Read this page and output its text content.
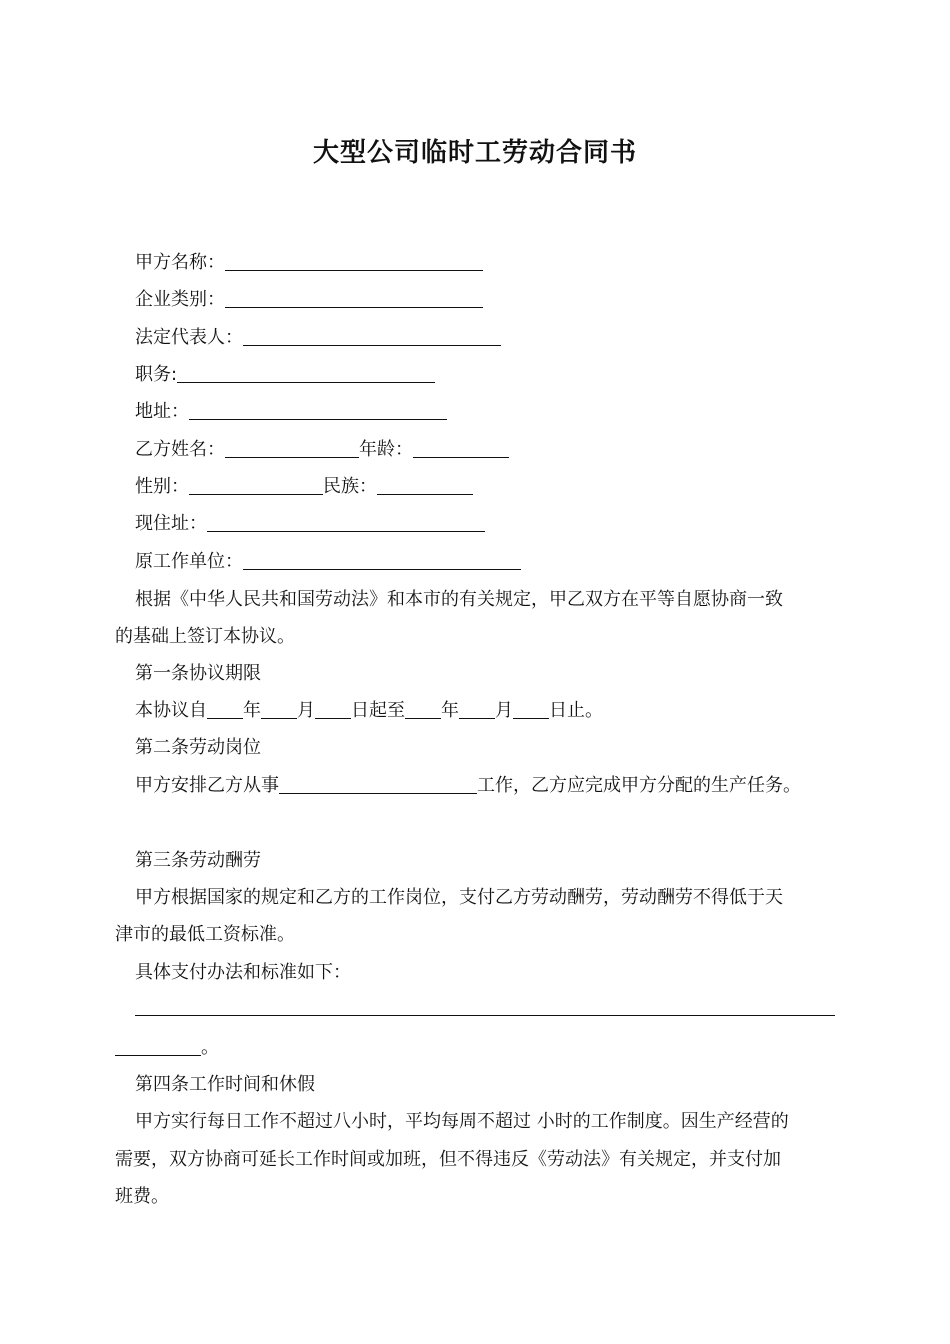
大型公司临时工劳动合同书
甲方名称：
企业类别：
法定代表人：
职务:
地址：
乙方姓名：	年龄：
性别：	民族：
现住址：
原工作单位：
根据《中华人民共和国劳动法》和本市的有关规定，甲乙双方在平等自愿协商一致
的基础上签订本协议。
第一条协议期限
本协议自 年 月 日起至 年 月 日止。
第二条劳动岗位
甲方安排乙方从事	工作，乙方应完成甲方分配的生产任务。
第三条劳动酬劳
甲方根据国家的规定和乙方的工作岗位，支付乙方劳动酬劳，劳动酬劳不得低于天
津市的最低工资标准。
具体支付办法和标准如下：
。
第四条工作时间和休假
甲方实行每日工作不超过八小时，平均每周不超过 小时的工作制度。因生产经营的
需要，双方协商可延长工作时间或加班，但不得违反《劳动法》有关规定，并支付加
班费。
